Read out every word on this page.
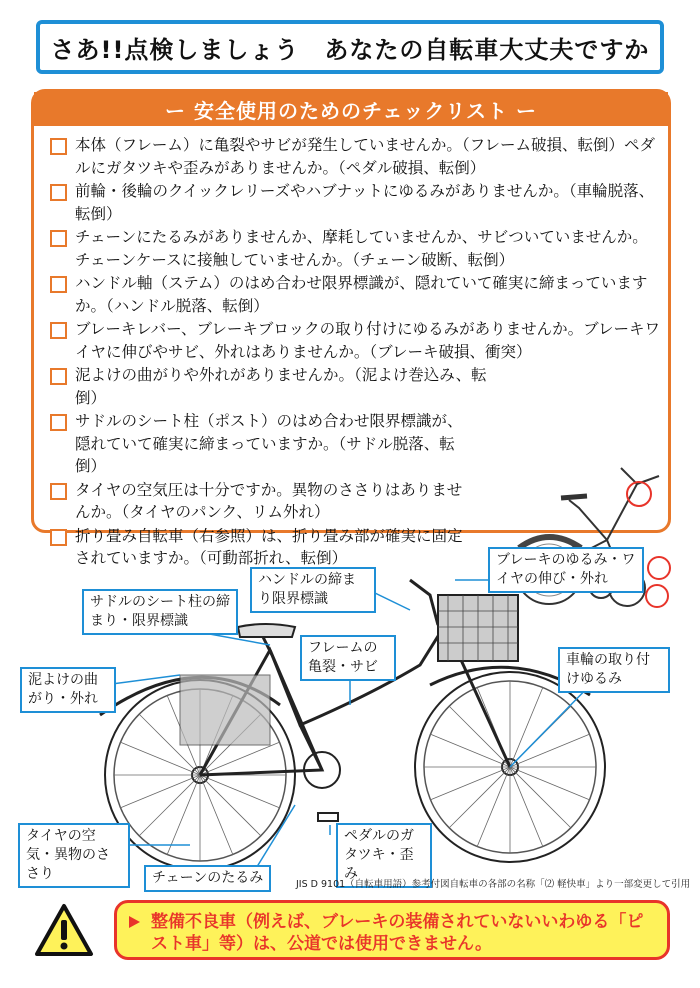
さあ!!点検しましょう　あなたの自転車大丈夫ですか
ー 安全使用のためのチェックリスト ー
本体（フレーム）に亀裂やサビが発生していませんか。（フレーム破損、転倒）ペダルにガタツキや歪みがありませんか。（ペダル破損、転倒）
前輪・後輪のクイックレリーズやハブナットにゆるみがありませんか。（車輪脱落、転倒）
チェーンにたるみがありませんか、摩耗していませんか、サビついていませんか。チェーンケースに接触していませんか。（チェーン破断、転倒）
ハンドル軸（ステム）のはめ合わせ限界標識が、隠れていて確実に締まっていますか。（ハンドル脱落、転倒）
ブレーキレバー、ブレーキブロックの取り付けにゆるみがありませんか。ブレーキワイヤに伸びやサビ、外れはありませんか。（ブレーキ破損、衝突）
泥よけの曲がりや外れがありませんか。（泥よけ巻込み、転倒）
サドルのシート柱（ポスト）のはめ合わせ限界標識が、隠れていて確実に締まっていますか。（サドル脱落、転倒）
タイヤの空気圧は十分ですか。異物のささりはありませんか。（タイヤのパンク、リム外れ）
折り畳み自転車（右参照）は、折り畳み部が確実に固定されていますか。（可動部折れ、転倒）	ブレーキのゆるみ・ワイヤの伸び・外れ
ハンドルの締まり限界標識
サドルのシート柱の締まり・限界標識
フレームの亀裂・サビ
泥よけの曲がり・外れ
車輪の取り付けゆるみ
タイヤの空気・異物のささり
ペダルのガタツキ・歪み
チェーンのたるみ	JIS D 9101（自転車用語）参考付図自転車の各部の名称「⑵ 軽快車」より一部変更して引用
整備不良車（例えば、ブレーキの装備されていないいわゆる「ピスト車」等）は、公道では使用できません。
